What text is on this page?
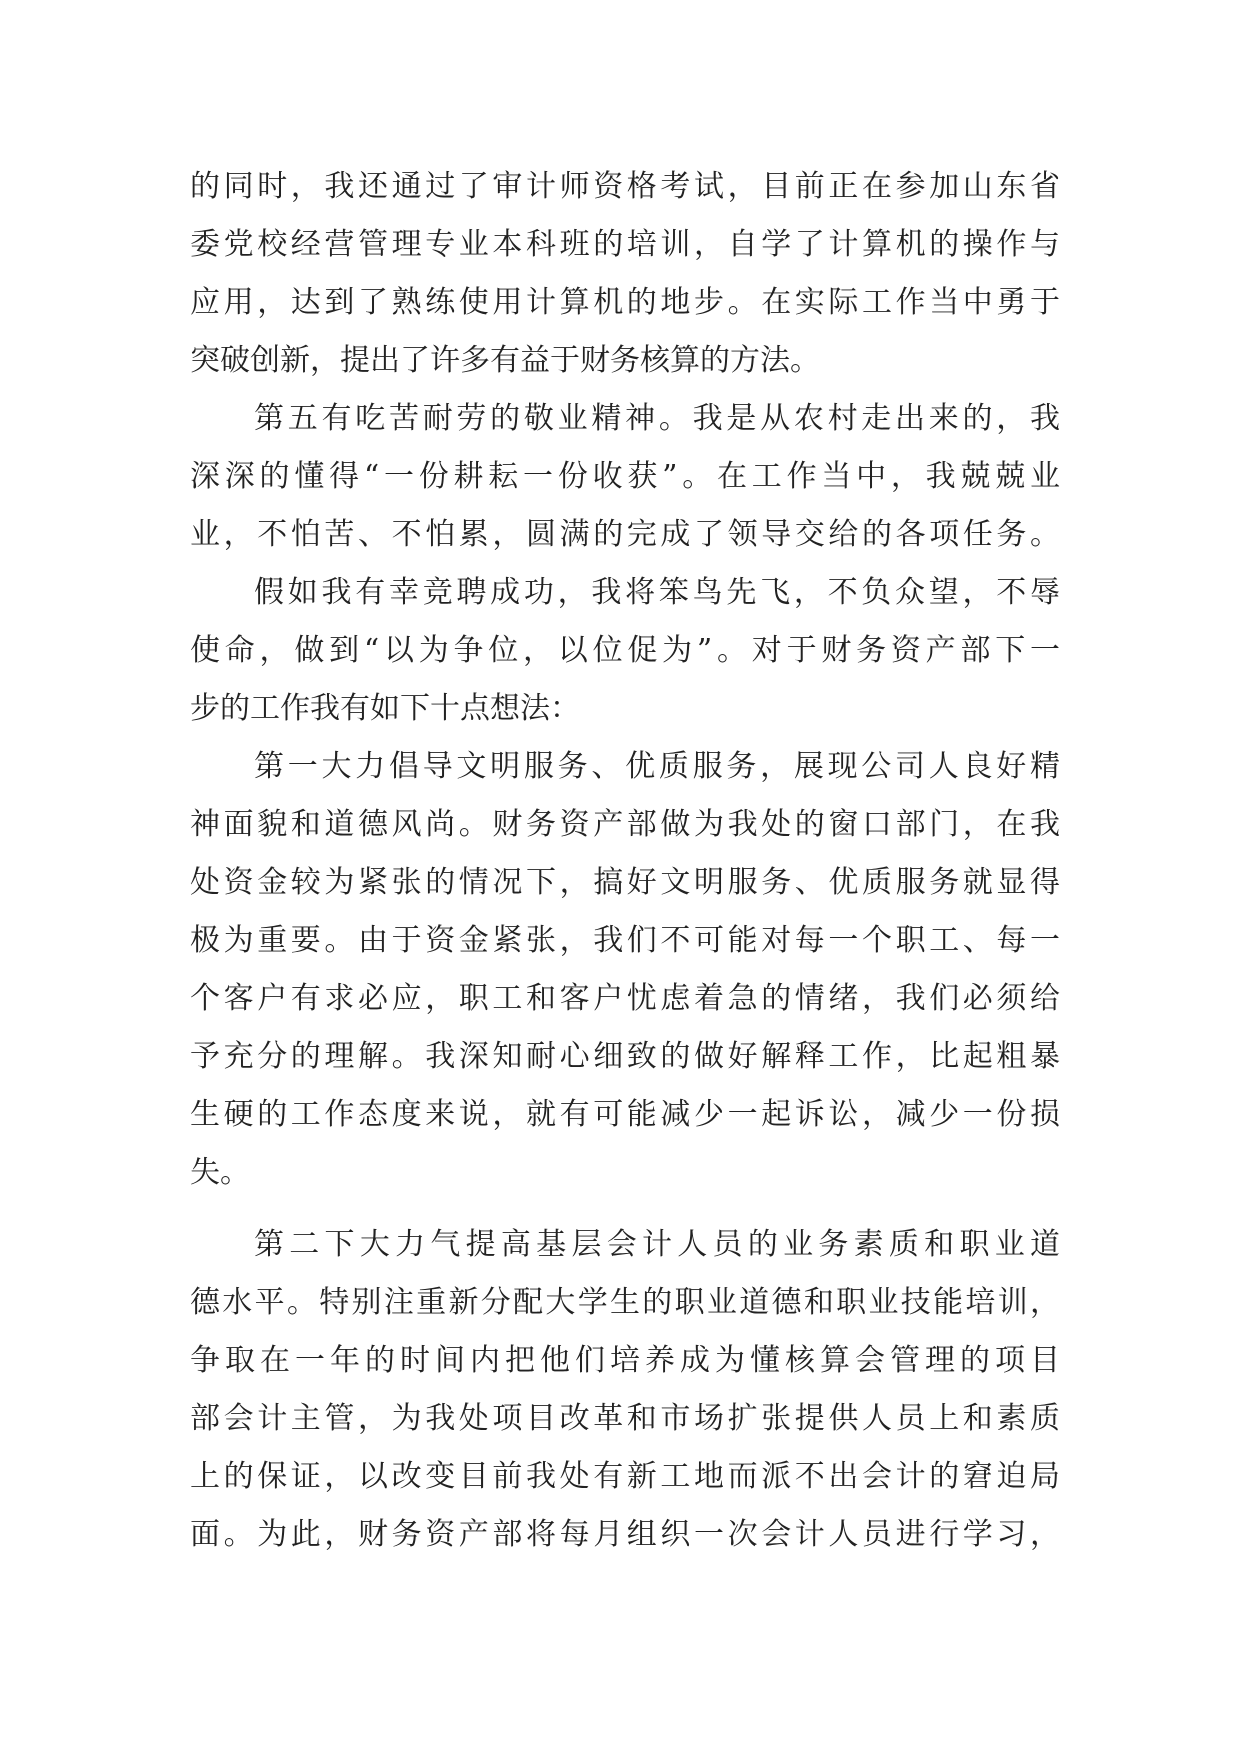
的同时，我还通过了审计师资格考试，目前正在参加山东省
委党校经营管理专业本科班的培训，自学了计算机的操作与
应用，达到了熟练使用计算机的地步。在实际工作当中勇于
突破创新，提出了许多有益于财务核算的方法。
第五有吃苦耐劳的敬业精神。我是从农村走出来的，我
深深的懂得“一份耕耘一份收获”。在工作当中，我兢兢业
业，不怕苦、不怕累，圆满的完成了领导交给的各项任务。
假如我有幸竞聘成功，我将笨鸟先飞，不负众望，不辱
使命，做到“以为争位，以位促为”。对于财务资产部下一
步的工作我有如下十点想法：
第一大力倡导文明服务、优质服务，展现公司人良好精
神面貌和道德风尚。财务资产部做为我处的窗口部门，在我
处资金较为紧张的情况下，搞好文明服务、优质服务就显得
极为重要。由于资金紧张，我们不可能对每一个职工、每一
个客户有求必应，职工和客户忧虑着急的情绪，我们必须给
予充分的理解。我深知耐心细致的做好解释工作，比起粗暴
生硬的工作态度来说，就有可能减少一起诉讼，减少一份损
失。
第二下大力气提高基层会计人员的业务素质和职业道
德水平。特别注重新分配大学生的职业道德和职业技能培训，
争取在一年的时间内把他们培养成为懂核算会管理的项目
部会计主管，为我处项目改革和市场扩张提供人员上和素质
上的保证，以改变目前我处有新工地而派不出会计的窘迫局
面。为此，财务资产部将每月组织一次会计人员进行学习，
